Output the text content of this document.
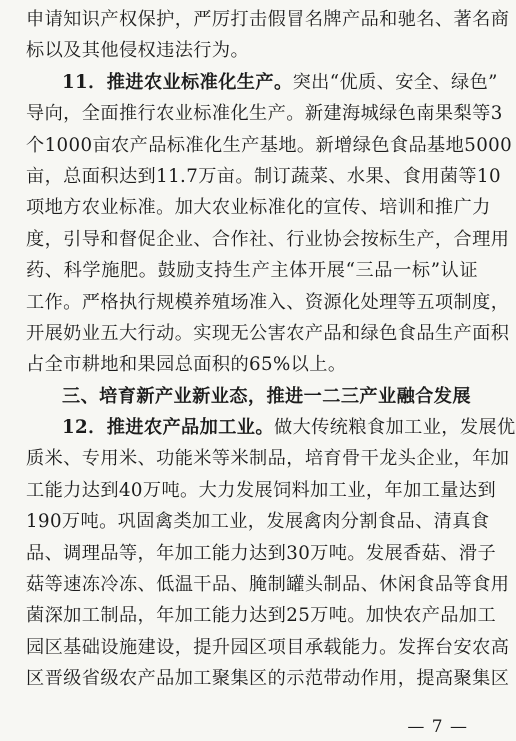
申请知识产权保护，严厉打击假冒名牌产品和驰名、著名商
标以及其他侵权违法行为。
11．推进农业标准化生产。突出“优质、安全、绿色”
导向，全面推行农业标准化生产。新建海城绿色南果梨等3
个1000亩农产品标准化生产基地。新增绿色食品基地5000
亩，总面积达到11.7万亩。制订蔬菜、水果、食用菌等10
项地方农业标准。加大农业标准化的宣传、培训和推广力
度，引导和督促企业、合作社、行业协会按标生产，合理用
药、科学施肥。鼓励支持生产主体开展“三品一标”认证
工作。严格执行规模养殖场准入、资源化处理等五项制度，
开展奶业五大行动。实现无公害农产品和绿色食品生产面积
占全市耕地和果园总面积的65%以上。
三、培育新产业新业态，推进一二三产业融合发展
12．推进农产品加工业。做大传统粮食加工业，发展优
质米、专用米、功能米等米制品，培育骨干龙头企业，年加
工能力达到40万吨。大力发展饲料加工业，年加工量达到
190万吨。巩固禽类加工业，发展禽肉分割食品、清真食
品、调理品等，年加工能力达到30万吨。发展香菇、滑子
菇等速冻冷冻、低温干品、腌制罐头制品、休闲食品等食用
菌深加工制品，年加工能力达到25万吨。加快农产品加工
园区基础设施建设，提升园区项目承载能力。发挥台安农高
区晋级省级农产品加工聚集区的示范带动作用，提高聚集区
— 7 —
